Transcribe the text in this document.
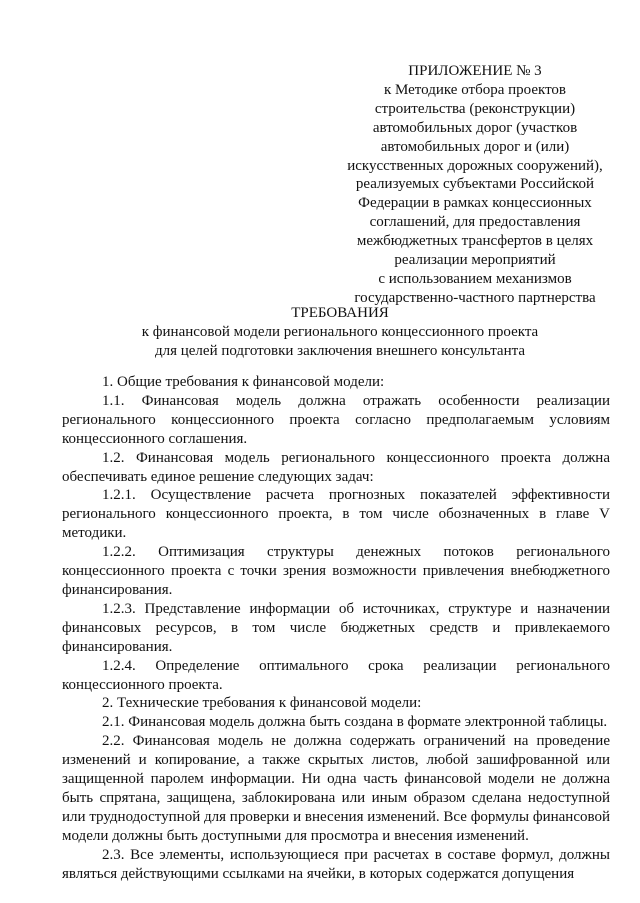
ПРИЛОЖЕНИЕ № 3
к Методике отбора проектов
строительства (реконструкции)
автомобильных дорог (участков
автомобильных дорог и (или)
искусственных дорожных сооружений),
реализуемых субъектами Российской
Федерации в рамках концессионных
соглашений, для предоставления
межбюджетных трансфертов в целях
реализации мероприятий
с использованием механизмов
государственно-частного партнерства
ТРЕБОВАНИЯ
к финансовой модели регионального концессионного проекта
для целей подготовки заключения внешнего консультанта

1. Общие требования к финансовой модели:

1.1. Финансовая модель должна отражать особенности реализации регионального концессионного проекта согласно предполагаемым условиям концессионного соглашения.

1.2. Финансовая модель регионального концессионного проекта должна обеспечивать единое решение следующих задач:

1.2.1. Осуществление расчета прогнозных показателей эффективности регионального концессионного проекта, в том числе обозначенных в главе V методики.

1.2.2. Оптимизация структуры денежных потоков регионального концессионного проекта с точки зрения возможности привлечения внебюджетного финансирования.

1.2.3. Представление информации об источниках, структуре и назначении финансовых ресурсов, в том числе бюджетных средств и привлекаемого финансирования.

1.2.4. Определение оптимального срока реализации регионального концессионного проекта.

2. Технические требования к финансовой модели:

2.1. Финансовая модель должна быть создана в формате электронной таблицы.

2.2. Финансовая модель не должна содержать ограничений на проведение изменений и копирование, а также скрытых листов, любой зашифрованной или защищенной паролем информации. Ни одна часть финансовой модели не должна быть спрятана, защищена, заблокирована или иным образом сделана недоступной или труднодоступной для проверки и внесения изменений. Все формулы финансовой модели должны быть доступными для просмотра и внесения изменений.

2.3. Все элементы, использующиеся при расчетах в составе формул, должны являться действующими ссылками на ячейки, в которых содержатся допущения
